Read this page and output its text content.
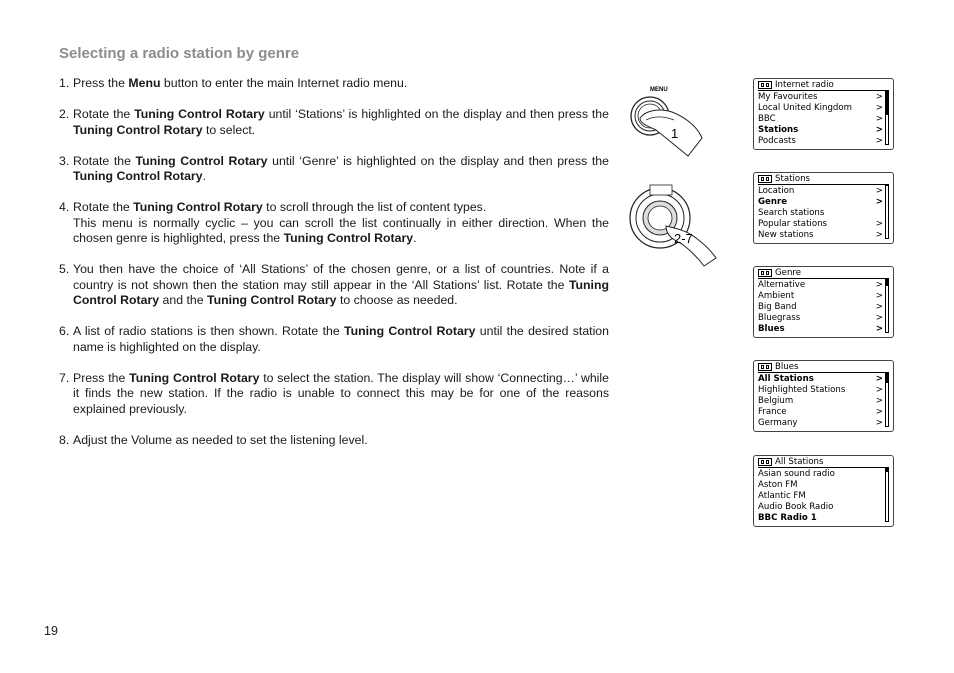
Selecting a radio station by genre
1. Press the Menu button to enter the main Internet radio menu.

2. Rotate the Tuning Control Rotary until ‘Stations’ is highlighted on the display and then press the Tuning Control Rotary to select.

3. Rotate the Tuning Control Rotary until ‘Genre’ is highlighted on the display and then press the Tuning Control Rotary.

4. Rotate the Tuning Control Rotary to scroll through the list of content types.
This menu is normally cyclic – you can scroll the list continually in either direction. When the chosen genre is highlighted, press the Tuning Control Rotary.

5. You then have the choice of ‘All Stations’ of the chosen genre, or a list of countries. Note if a country is not shown then the station may still appear in the ‘All Stations’ list. Rotate the Tuning Control Rotary and the Tuning Control Rotary to choose as needed.

6. A list of radio stations is then shown. Rotate the Tuning Control Rotary until the desired station name is highlighted on the display.

7. Press the Tuning Control Rotary to select the station. The display will show ‘Connecting…’ while it finds the new station. If the radio is unable to connect this may be for one of the reasons explained previously.

8. Adjust the Volume as needed to set the listening level.

MENU
1
2-7
Internet radio
My Favourites	>
Local United Kingdom	>
BBC	>
Stations	>
Podcasts	>
Stations
Location	>
Genre	>
Search stations
Popular stations	>
New stations	>
Genre
Alternative	>
Ambient	>
Big Band	>
Bluegrass	>
Blues	>
Blues
All Stations	>
Highlighted Stations	>
Belgium	>
France	>
Germany	>
All Stations
Asian sound radio
Aston FM
Atlantic FM
Audio Book Radio
BBC Radio 1
19
